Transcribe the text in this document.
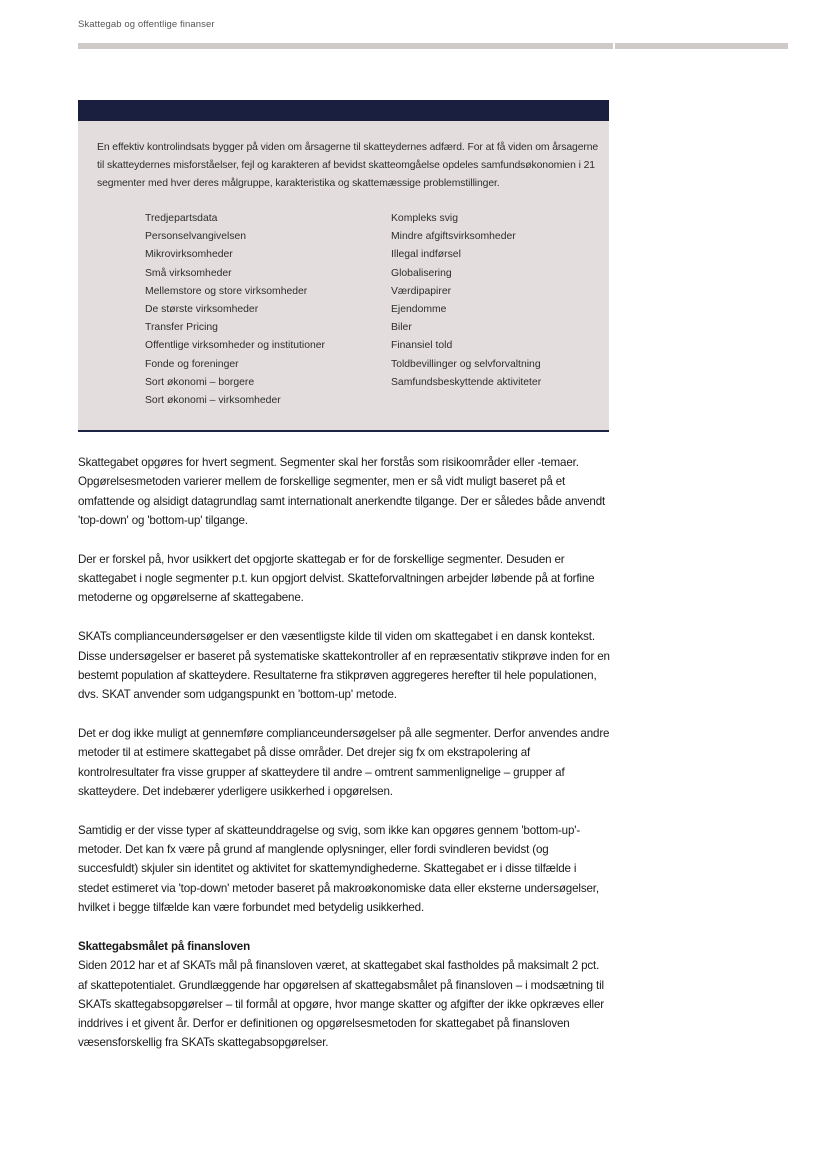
Skattegab og offentlige finanser
En effektiv kontrolindsats bygger på viden om årsagerne til skatteydernes adfærd. For at få viden om årsagerne til skatteydernes misforståelser, fejl og karakteren af bevidst skatteomgåelse opdeles samfundsøkonomien i 21 segmenter med hver deres målgruppe, karakteristika og skattemæssige problemstillinger.
Tredjepartsdata
Personselvangivelsen
Mikrovirksomheder
Små virksomheder
Mellemstore og store virksomheder
De største virksomheder
Transfer Pricing
Offentlige virksomheder og institutioner
Fonde og foreninger
Sort økonomi – borgere
Sort økonomi – virksomheder
Kompleks svig
Mindre afgiftsvirksomheder
Illegal indførsel
Globalisering
Værdipapirer
Ejendomme
Biler
Finansiel told
Toldbevillinger og selvforvaltning
Samfundsbeskyttende aktiviteter

Skattegabet opgøres for hvert segment. Segmenter skal her forstås som risikoområder eller -temaer. Opgørelsesmetoden varierer mellem de forskellige segmenter, men er så vidt muligt baseret på et omfattende og alsidigt datagrundlag samt internationalt anerkendte tilgange. Der er således både anvendt 'top-down' og 'bottom-up' tilgange.

Der er forskel på, hvor usikkert det opgjorte skattegab er for de forskellige segmenter. Desuden er skattegabet i nogle segmenter p.t. kun opgjort delvist. Skatteforvaltningen arbejder løbende på at forfine metoderne og opgørelserne af skattegabene.

SKATs complianceundersøgelser er den væsentligste kilde til viden om skattegabet i en dansk kontekst. Disse undersøgelser er baseret på systematiske skattekontroller af en repræsentativ stikprøve inden for en bestemt population af skatteydere. Resultaterne fra stikprøven aggregeres herefter til hele populationen, dvs. SKAT anvender som udgangspunkt en 'bottom-up' metode.

Det er dog ikke muligt at gennemføre complianceundersøgelser på alle segmenter. Derfor anvendes andre metoder til at estimere skattegabet på disse områder. Det drejer sig fx om ekstrapolering af kontrolresultater fra visse grupper af skatteydere til andre – omtrent sammenlignelige – grupper af skatteydere. Det indebærer yderligere usikkerhed i opgørelsen.

Samtidig er der visse typer af skatteunddragelse og svig, som ikke kan opgøres gennem 'bottom-up'-metoder. Det kan fx være på grund af manglende oplysninger, eller fordi svindleren bevidst (og succesfuldt) skjuler sin identitet og aktivitet for skattemyndighederne. Skattegabet er i disse tilfælde i stedet estimeret via 'top-down' metoder baseret på makroøkonomiske data eller eksterne undersøgelser, hvilket i begge tilfælde kan være forbundet med betydelig usikkerhed.

Skattegabsmålet på finansloven

Siden 2012 har et af SKATs mål på finansloven været, at skattegabet skal fastholdes på maksimalt 2 pct. af skattepotentialet. Grundlæggende har opgørelsen af skattegabsmålet på finansloven – i modsætning til SKATs skattegabsopgørelser – til formål at opgøre, hvor mange skatter og afgifter der ikke opkræves eller inddrives i et givent år. Derfor er definitionen og opgørelsesmetoden for skattegabet på finansloven væsensforskellig fra SKATs skattegabsopgørelser.
